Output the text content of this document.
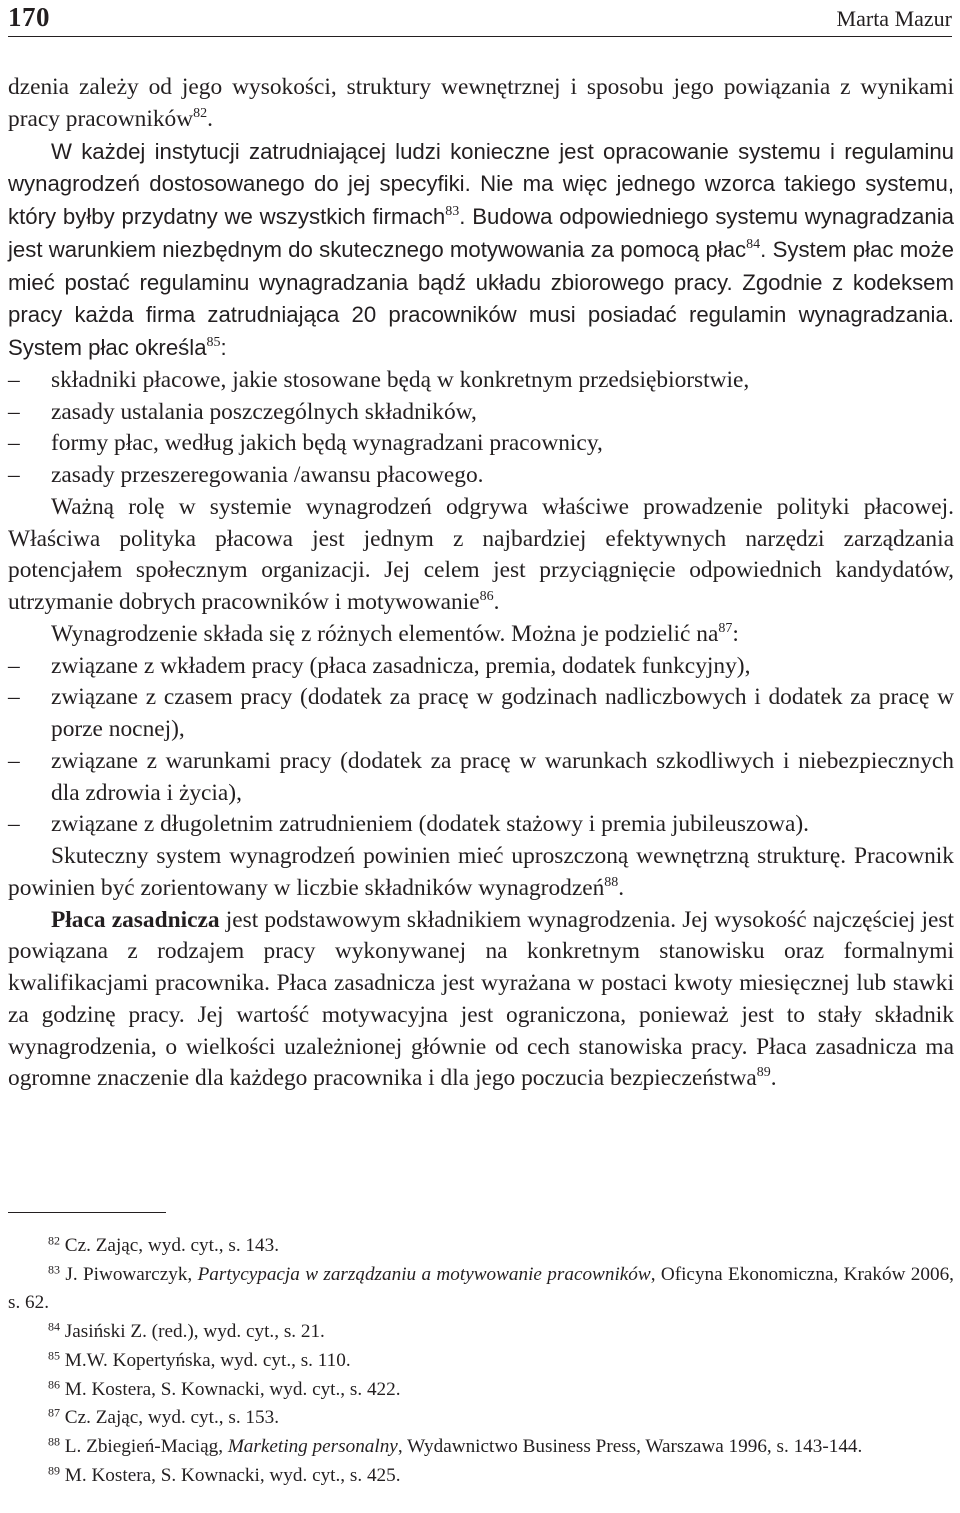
170	Marta Mazur

dzenia zależy od jego wysokości, struktury wewnętrznej i sposobu jego powiązania z wynikami pracy pracowników$^{82}$.

W każdej instytucji zatrudniającej ludzi konieczne jest opracowanie systemu i regulaminu wynagrodzeń dostosowanego do jej specyfiki. Nie ma więc jednego wzorca takiego systemu, który byłby przydatny we wszystkich firmach$^{83}$. Budowa odpowiedniego systemu wynagradzania jest warunkiem niezbędnym do skutecznego motywowania za pomocą płac$^{84}$. System płac może mieć postać regulaminu wynagradzania bądź układu zbiorowego pracy. Zgodnie z kodeksem pracy każda firma zatrudniająca 20 pracowników musi posiadać regulamin wynagradzania. System płac określa$^{85}$:

– składniki płacowe, jakie stosowane będą w konkretnym przedsiębiorstwie,
– zasady ustalania poszczególnych składników,
– formy płac, według jakich będą wynagradzani pracownicy,
– zasady przeszeregowania /awansu płacowego.

Ważną rolę w systemie wynagrodzeń odgrywa właściwe prowadzenie polityki płacowej. Właściwa polityka płacowa jest jednym z najbardziej efektywnych narzędzi zarządzania potencjałem społecznym organizacji. Jej celem jest przyciągnięcie odpowiednich kandydatów, utrzymanie dobrych pracowników i motywowanie$^{86}$.

Wynagrodzenie składa się z różnych elementów. Można je podzielić $na^{87}$:

– związane z wkładem pracy (płaca zasadnicza, premia, dodatek funkcyjny),
– związane z czasem pracy (dodatek za pracę w godzinach nadliczbowych i dodatek za pracę w porze nocnej),
– związane z warunkami pracy (dodatek za pracę w warunkach szkodliwych i niebezpiecznych dla zdrowia i życia),
– związane z długoletnim zatrudnieniem (dodatek stażowy i premia jubileuszowa).

Skuteczny system wynagrodzeń powinien mieć uproszczoną wewnętrzną strukturę. Pracownik powinien być zorientowany w liczbie składników wynagrodzeń$^{88}$.

Płaca zasadnicza jest podstawowym składnikiem wynagrodzenia. Jej wysokość najczęściej jest powiązana z rodzajem pracy wykonywanej na konkretnym stanowisku oraz formalnymi kwalifikacjami pracownika. Płaca zasadnicza jest wyrażana w postaci kwoty miesięcznej lub stawki za godzinę pracy. Jej wartość motywacyjna jest ograniczona, ponieważ jest to stały składnik wynagrodzenia, o wielkości uzależnionej głównie od cech stanowiska pracy. Płaca zasadnicza ma ogromne znaczenie dla każdego pracownika i dla jego poczucia bezpieczeństwa$^{89}$.

$^{82}$ Cz. Zając, wyd. cyt., s. 143.

$^{83}$ J. Piwowarczyk, Partycypacja w zarządzaniu a motywowanie pracowników, Oficyna Ekonomiczna, Kraków 2006, s. 62.

$^{84}$ Jasiński Z. (red.), wyd. cyt., s. 21.

$^{85}$ M.W. Kopertyńska, wyd. cyt., s. 110.

$^{86}$ M. Kostera, S. Kownacki, wyd. cyt., s. 422.

$^{87}$ Cz. Zając, wyd. cyt., s. 153.

$^{88}$ L. Zbiegień-Maciąg, Marketing personalny, Wydawnictwo Business Press, Warszawa 1996, s. 143-144.

$^{89}$ M. Kostera, S. Kownacki, wyd. cyt., s. 425.
